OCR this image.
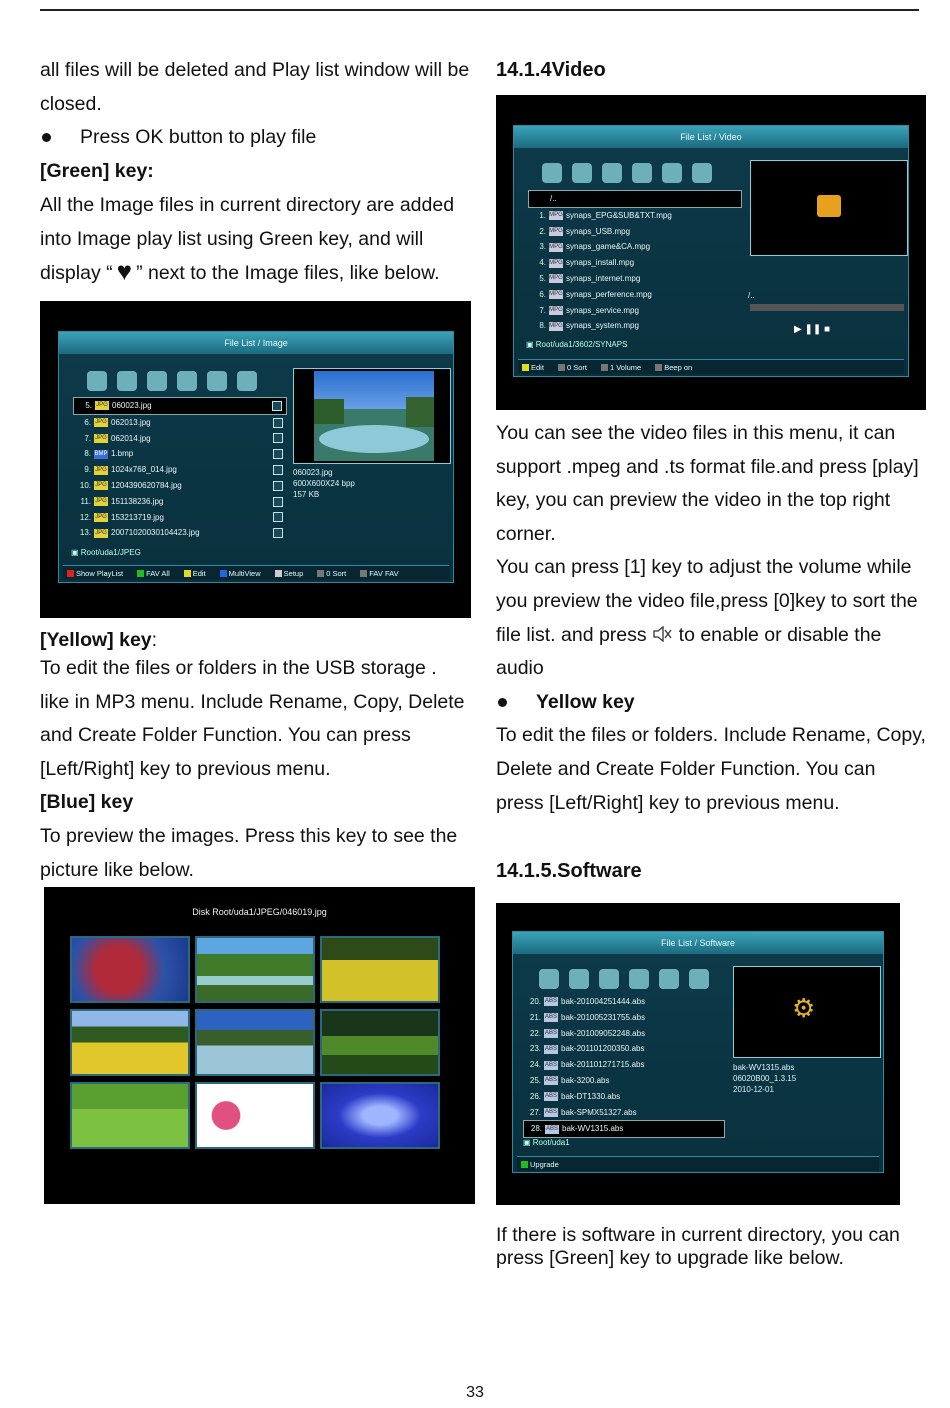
all files will be deleted and Play list window will be closed.

Press OK button to play file

[Green] key:

All the Image files in current directory are added into Image play list using Green key, and will display “ ♥ ” next to the Image files, like below.

File List / Image
5. JPG 060023.jpg
6. JPG 062013.jpg
7. JPG 062014.jpg
8. BMP 1.bmp
9. JPG 1024x768_014.jpg
10. JPG 1204390620784.jpg
11. JPG 151138236.jpg
12. JPG 153213719.jpg
13. JPG 20071020030104423.jpg
060023.jpg
600X600X24 bpp
157 KB
▣ Root/uda1/JPEG
Show PlayList	FAV All	Edit	MultiView	Setup	0 Sort	FAV FAV

[Yellow] key:

To edit the files or folders in the USB storage . like in MP3 menu. Include Rename, Copy, Delete and Create Folder Function. You can press [Left/Right] key to previous menu.

[Blue] key

To preview the images. Press this key to see the picture like below.

Disk Root/uda1/JPEG/046019.jpg

14.1.4Video

File List / Video
/..
1. MPG synaps_EPG&SUB&TXT.mpg
2. MPG synaps_USB.mpg
3. MPG synaps_game&CA.mpg
4. MPG synaps_install.mpg
5. MPG synaps_internet.mpg
6. MPG synaps_perference.mpg
7. MPG synaps_service.mpg
8. MPG synaps_system.mpg
/..
▶ ❚❚ ■
▣ Root/uda1/3602/SYNAPS
Edit	0 Sort	1 Volume	Beep on

You can see the video files in this menu, it can support .mpeg and .ts format file.and press [play] key, you can preview the video in the top right corner.

You can press [1] key to adjust the volume while you preview the video file,press [0]key to sort the file list. and press to enable or disable the audio

Yellow key

To edit the files or folders. Include Rename, Copy, Delete and Create Folder Function. You can press [Left/Right] key to previous menu.

14.1.5.Software

File List / Software
20. ABS bak-201004251444.abs
21. ABS bak-201005231755.abs
22. ABS bak-201009052248.abs
23. ABS bak-201101200350.abs
24. ABS bak-201101271715.abs
25. ABS bak-3200.abs
26. ABS bak-DT1330.abs
27. ABS bak-SPMX51327.abs
28. ABS bak-WV1315.abs
⚙
bak-WV1315.abs
06020B00_1.3.15
2010-12-01
▣ Root/uda1
Upgrade
If there is software in current directory, you can press [Green] key to upgrade like below.
33
